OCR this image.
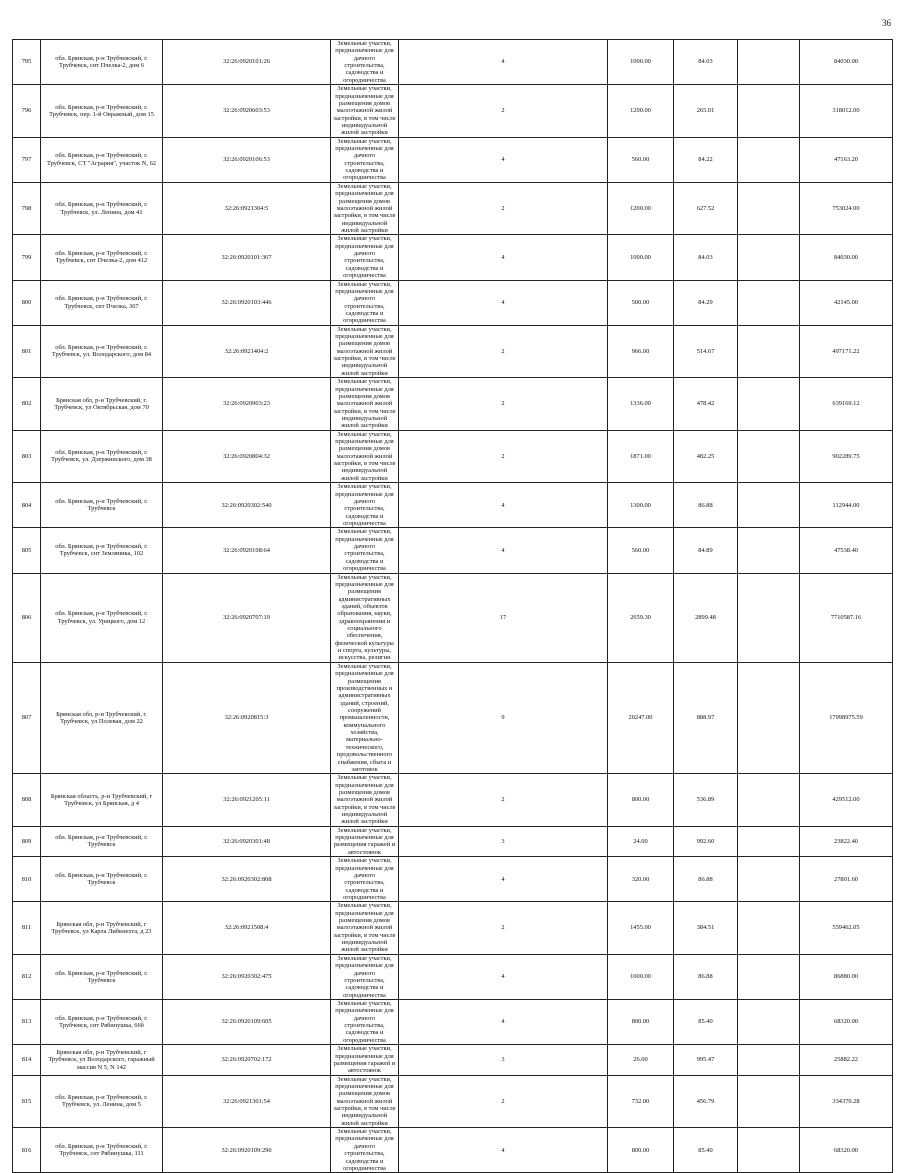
36
795	обл. Брянская, р-н Трубчевский, г. Трубчевск, снт Пчелка-2, дом 6	32:26:0920101:26	Земельные участки, предназначенные для дачного строительства, садоводства и огородничества	4	1000.00	84.03		84030.00
796	обл. Брянская, р-н Трубчевский, г. Трубчевск, пер. 1-й Овражный, дом 15	32:26:0920603:53	Земельные участки, предназначенные для размещения домов малоэтажной жилой застройки, в том числе индивидуальной жилой застройки	2	1200.00	265.01		318012.00
797	обл. Брянская, р-н Трубчевский, г. Трубчевск, СТ "Агрария", участок N, 62	32:26:0920106:53	Земельные участки, предназначенные для дачного строительства, садоводства и огородничества	4	560.00	84.22		47163.20
798	обл. Брянская, р-н Трубчевский, г. Трубчевск, ул. Ленина, дом 41	32:26:0921304:5	Земельные участки, предназначенные для размещения домов малоэтажной жилой застройки, в том числе индивидуальной жилой застройки	2	1200.00	627.52		753024.00
799	обл. Брянская, р-н Трубчевский, г. Трубчевск, снт Пчелка-2, дом 412	32:26:0920101:367	Земельные участки, предназначенные для дачного строительства, садоводства и огородничества	4	1000.00	84.03		84030.00
800	обл. Брянская, р-н Трубчевский, г. Трубчевск, снт Пчелка, 367	32:26:0920103:446	Земельные участки, предназначенные для дачного строительства, садоводства и огородничества	4	500.00	84.29		42145.00
801	обл. Брянская, р-н Трубчевский, г. Трубчевск, ул. Володарского, дом 84	32:26:0921404:2	Земельные участки, предназначенные для размещения домов малоэтажной жилой застройки, в том числе индивидуальной жилой застройки	2	966.00	514.67		497171.22
802	Брянская обл, р-н Трубчевский, г. Трубчевск, ул Октябрьская, дом 70	32:26:0920903:23	Земельные участки, предназначенные для размещения домов малоэтажной жилой застройки, в том числе индивидуальной жилой застройки	2	1336.00	478.42		639169.12
803	обл. Брянская, р-н Трубчевский, г. Трубчевск, ул. Дзержинского, дом 38	32:26:0920804:32	Земельные участки, предназначенные для размещения домов малоэтажной жилой застройки, в том числе индивидуальной жилой застройки	2	1871.00	482.25		902289.75
804	обл. Брянская, р-н Трубчевский, г. Трубчевск	32:26:0920302:540	Земельные участки, предназначенные для дачного строительства, садоводства и огородничества	4	1300.00	86.88		112944.00
805	обл. Брянская, р-н Трубчевский, г. Трубчевск, снт Земляника, 102	32:26:0920108:64	Земельные участки, предназначенные для дачного строительства, садоводства и огородничества	4	560.00	84.89		47538.40
806	обл. Брянская, р-н Трубчевский, г. Трубчевск, ул. Урицкого, дом 12	32:26:0920707:19	Земельные участки, предназначенные для размещения административных зданий, объектов образования, науки, здравоохранения и социального обеспечения, физической культуры и спорта, культуры, искусства, религии	17	2659.30	2899.48		7710587.16
807	Брянская обл, р-н Трубчевский, г. Трубчевск, ул Полевая, дом 22	32:26:0920815:3	Земельные участки, предназначенные для размещения производственных и административных зданий, строений, сооружений промышленности, коммунального хозяйства, материально-технического, продовольственного снабжения, сбыта и заготовок	9	20247.00	888.97		17998975.59
808	Брянская область, р-н Трубчевский, г Трубчевск, ул Брянская, д 4	32:26:0921205:11	Земельные участки, предназначенные для размещения домов малоэтажной жилой застройки, в том числе индивидуальной жилой застройки	2	800.00	536.89		429512.00
809	обл. Брянская, р-н Трубчевский, г. Трубчевск	32:26:0920301:48	Земельные участки, предназначенные для размещения гаражей и автостоянок	3	24.00	992.60		23822.40
810	обл. Брянская, р-н Трубчевский, г. Трубчевск	32:26:0920302:808	Земельные участки, предназначенные для дачного строительства, садоводства и огородничества	4	320.00	86.88		27801.60
811	Брянская обл, р-н Трубчевский, г Трубчевск, ул Карла Либкнехта, д 23	32:26:0921508:4	Земельные участки, предназначенные для размещения домов малоэтажной жилой застройки, в том числе индивидуальной жилой застройки	2	1455.00	384.51		559462.05
812	обл. Брянская, р-н Трубчевский, г. Трубчевск	32:26:0920302:475	Земельные участки, предназначенные для дачного строительства, садоводства и огородничества	4	1000.00	86.88		86880.00
813	обл. Брянская, р-н Трубчевский, г. Трубчевск, снт Рябинушка, 66б	32:26:0920109:605	Земельные участки, предназначенные для дачного строительства, садоводства и огородничества	4	800.00	85.40		68320.00
814	Брянская обл, р-н Трубчевский, г Трубчевск, ул Володарского, гаражный массив N 5, N 142	32:26:0920702:172	Земельные участки, предназначенные для размещения гаражей и автостоянок	3	26.00	995.47		25882.22
815	обл. Брянская, р-н Трубчевский, г. Трубчевск, ул. Ленина, дом 5	32:26:0921301:54	Земельные участки, предназначенные для размещения домов малоэтажной жилой застройки, в том числе индивидуальной жилой застройки	2	732.00	456.79		334370.28
816	обл. Брянская, р-н Трубчевский, г. Трубчевск, снт Рябинушка, 111	32:26:0920109:290	Земельные участки, предназначенные для дачного строительства, садоводства и огородничества	4	800.00	85.40		68320.00
